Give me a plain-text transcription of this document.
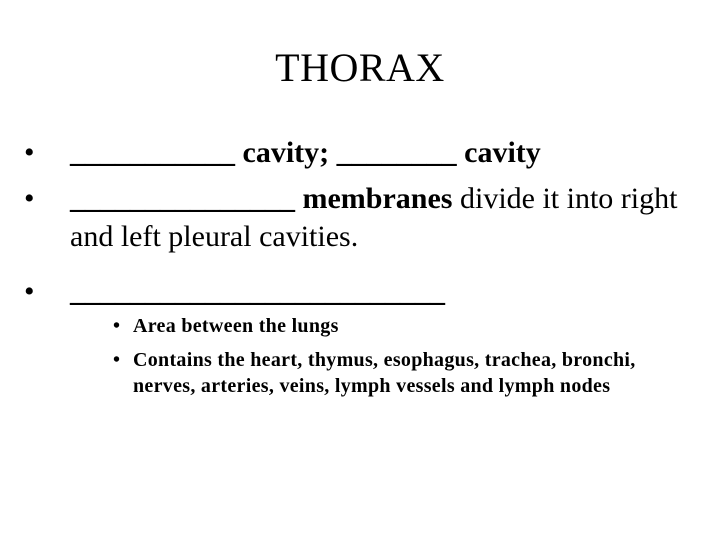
THORAX
•	___________ cavity; ________ cavity
•	_______________ membranes divide it into right and left pleural cavities.
•	_________________________
• Area between the lungs
• Contains the heart, thymus, esophagus, trachea, bronchi, nerves, arteries, veins, lymph vessels and lymph nodes
